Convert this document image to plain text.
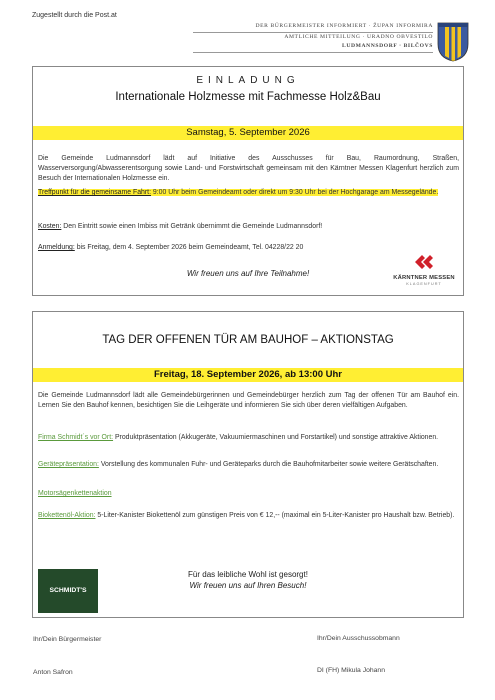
Zugestellt durch die Post.at
DER BÜRGERMEISTER INFORMIERT · ŽUPAN INFORMIRA
AMTLICHE MITTEILUNG · URADNO OBVESTILO
LUDMANNSDORF · BILČOVS
EINLADUNG
Internationale Holzmesse mit Fachmesse Holz&Bau
Samstag, 5. September 2026
Die Gemeinde Ludmannsdorf lädt auf Initiative des Ausschusses für Bau, Raumordnung, Straßen, Wasserversorgung/Abwasserentsorgung sowie Land- und Forstwirtschaft gemeinsam mit den Kärntner Messen Klagenfurt herzlich zum Besuch der Internationalen Holzmesse ein.
Treffpunkt für die gemeinsame Fahrt: 9:00 Uhr beim Gemeindeamt oder direkt um 9:30 Uhr bei der Hochgarage am Messegelände.
Kosten: Den Eintritt sowie einen Imbiss mit Getränk übernimmt die Gemeinde Ludmannsdorf!
Anmeldung: bis Freitag, dem 4. September 2026 beim Gemeindeamt, Tel. 04228/22 20
Wir freuen uns auf Ihre Teilnahme!	KÄRNTNER MESSEN
KLAGENFURT
TAG DER OFFENEN TÜR AM BAUHOF – AKTIONSTAG
Freitag, 18. September 2026, ab 13:00 Uhr
Die Gemeinde Ludmannsdorf lädt alle Gemeindebürgerinnen und Gemeindebürger herzlich zum Tag der offenen Tür am Bauhof ein. Lernen Sie den Bauhof kennen, besichtigen Sie die Leihgeräte und informieren Sie sich über deren vielfältigen Aufgaben.
Firma Schmidt´s vor Ort: Produktpräsentation (Akkugeräte, Vakuumiermaschinen und Forstartikel) und sonstige attraktive Aktionen.
Gerätepräsentation: Vorstellung des kommunalen Fuhr- und Geräteparks durch die Bauhofmitarbeiter sowie weitere Gerätschaften.
Motorsägenkettenaktion
Biokettenöl-Aktion: 5-Liter-Kanister Biokettenöl zum günstigen Preis von € 12,-- (maximal ein 5-Liter-Kanister pro Haushalt bzw. Betrieb).
SCHMIDT'S
Für das leibliche Wohl ist gesorgt!
Wir freuen uns auf Ihren Besuch!
Ihr/Dein Bürgermeister	Ihr/Dein Ausschussobmann
Anton Safron	DI (FH) Mikula Johann
